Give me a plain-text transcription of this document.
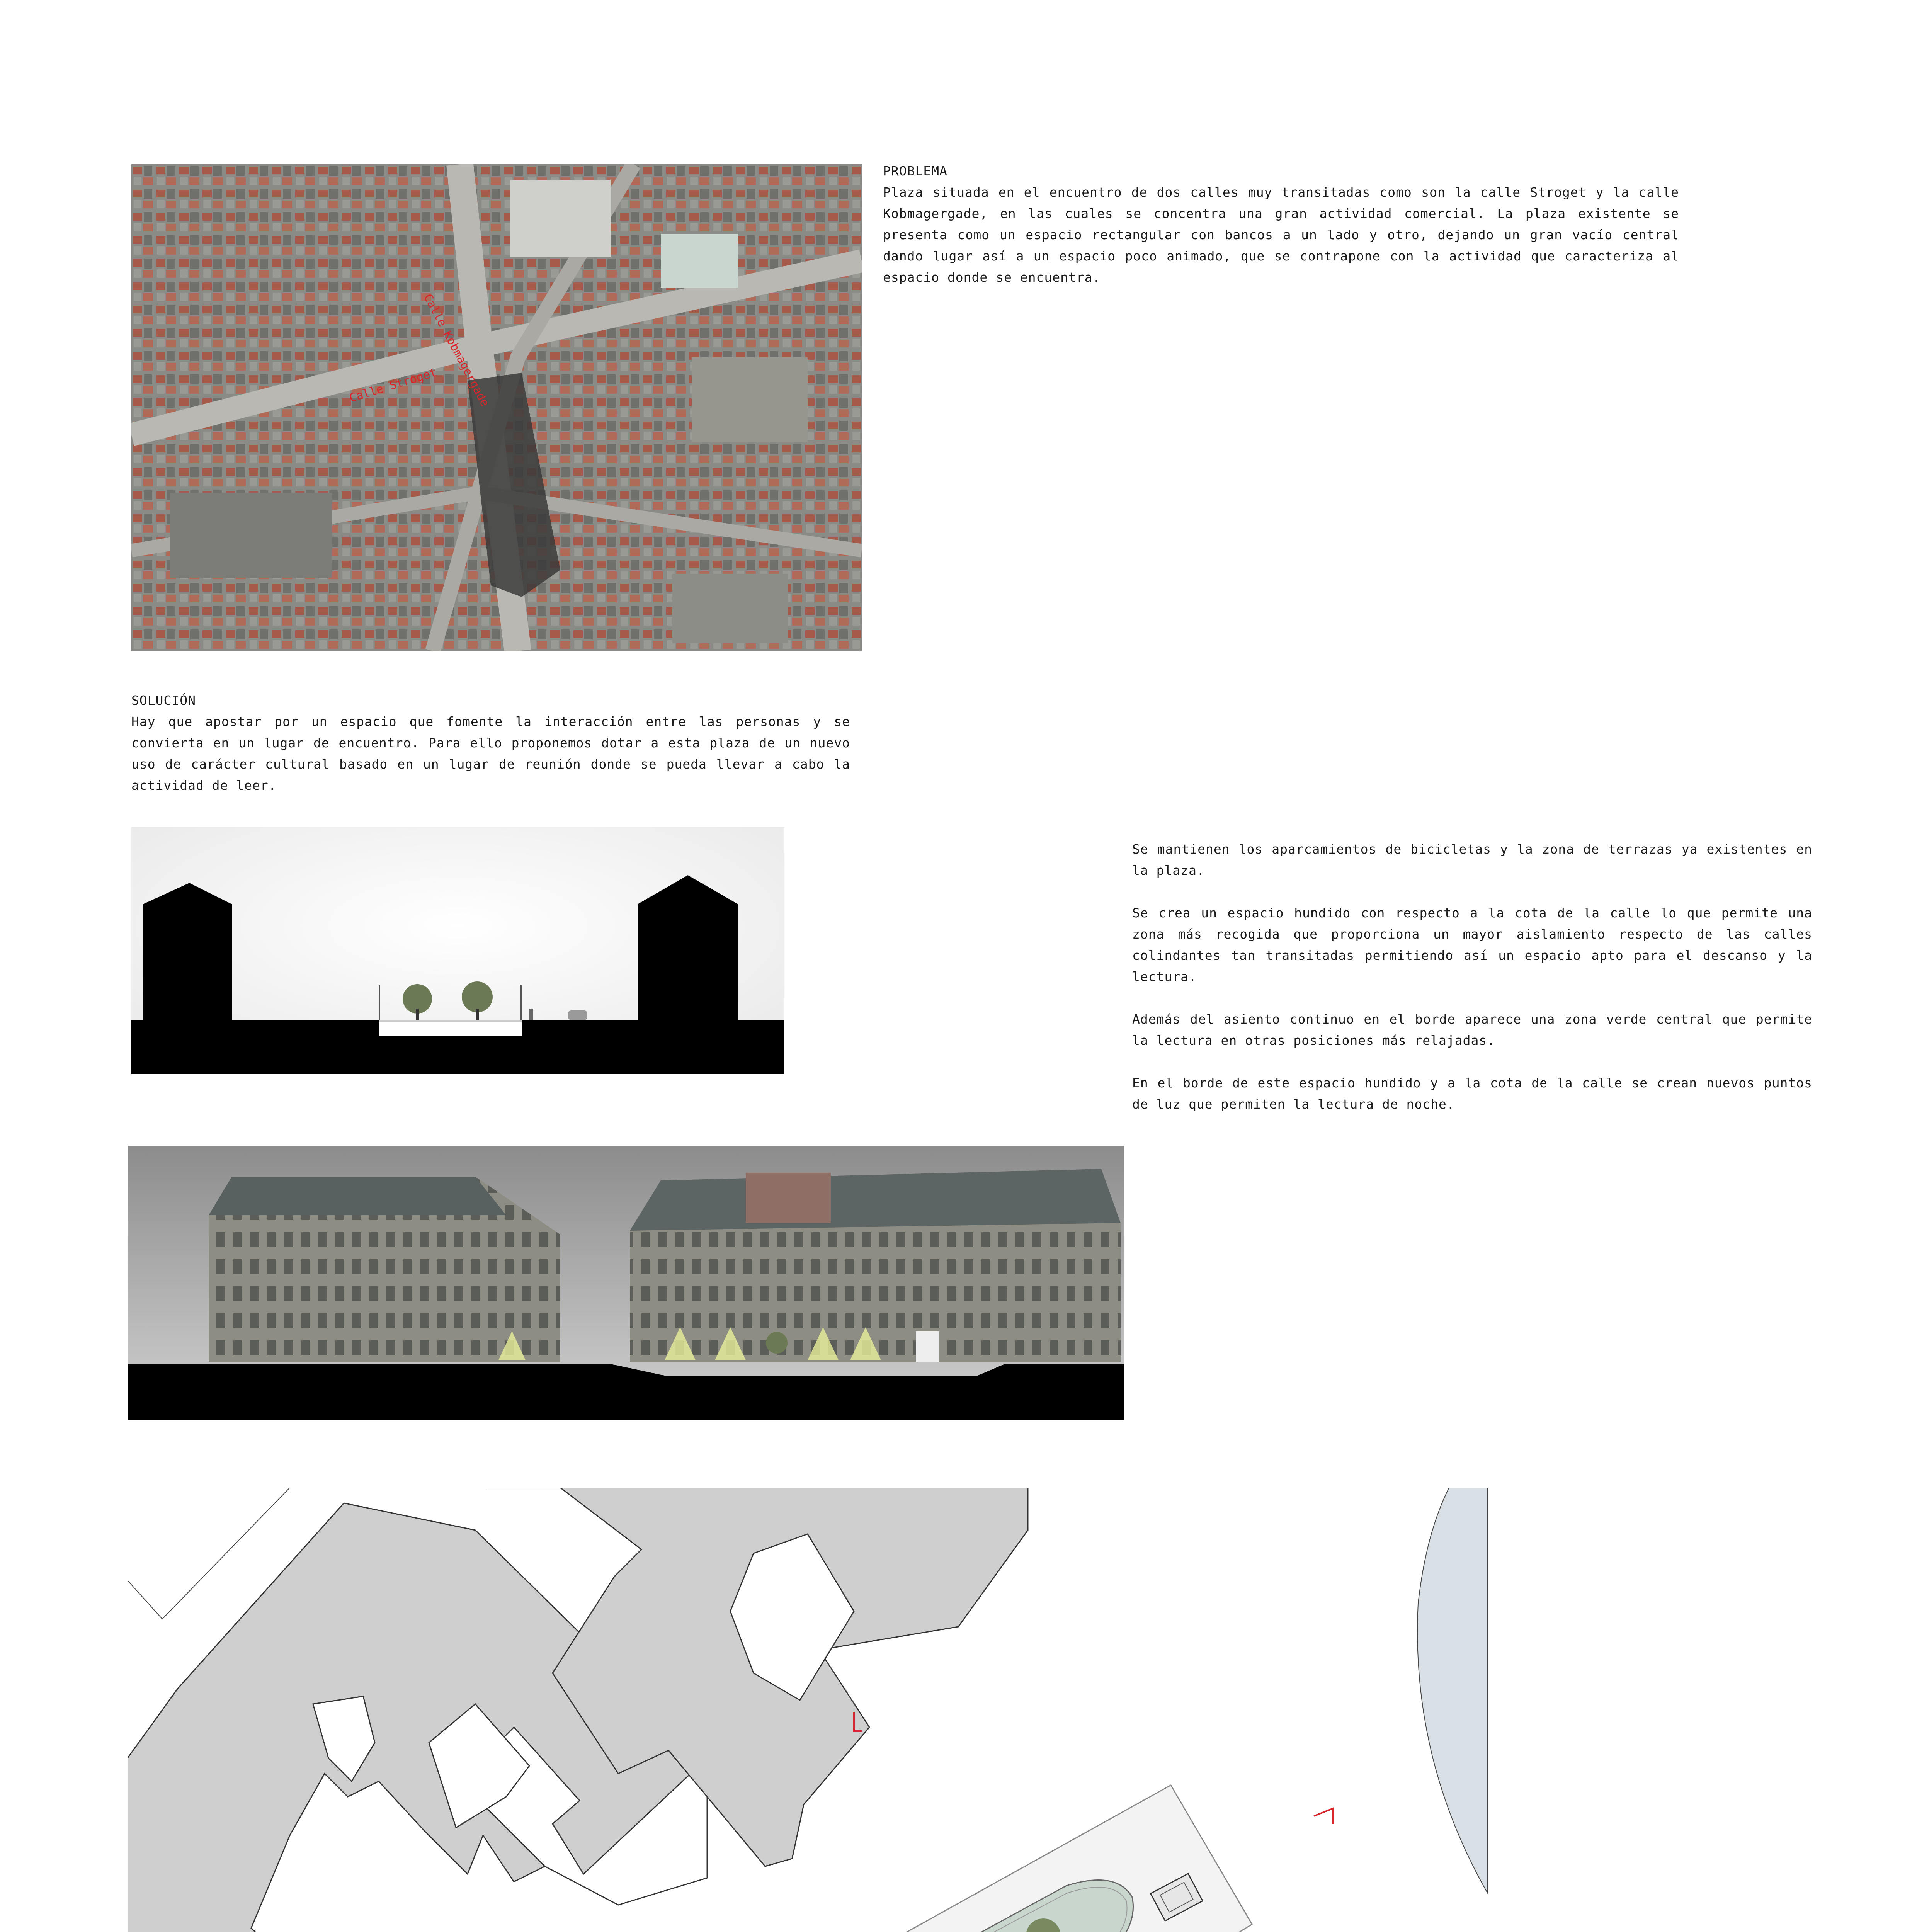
Calle Kobmagergade
Calle Stroget
PROBLEMA
Plaza situada en el encuentro de dos calles muy transitadas como son la calle Stroget y la calle Kobmagergade, en las cuales se concentra una gran actividad comercial. La plaza existente se presenta como un espacio rectangular con bancos a un lado y otro, dejando un gran vacío central dando lugar así a un espacio poco animado, que se contrapone con la actividad que caracteriza al espacio donde se encuentra.
SOLUCIÓN
Hay que apostar por un espacio que fomente la interacción entre las personas y se convierta en un lugar de encuentro. Para ello proponemos dotar a esta plaza de un nuevo uso de carácter cultural basado en un lugar de reunión donde se pueda llevar a cabo la actividad de leer.

Se mantienen los aparcamientos de bicicletas y la zona de terrazas ya existentes en la plaza.

Se crea un espacio hundido con respecto a la cota de la calle lo que permite una zona más recogida que proporciona un mayor aislamiento respecto de las calles colindantes tan transitadas permitiendo así un espacio apto para el descanso y la lectura.

Además del asiento continuo en el borde aparece una zona verde central que permite la lectura en otras posiciones más relajadas.

En el borde de este espacio hundido y a la cota de la calle se crean nuevos puntos de luz que permiten la lectura de noche.
